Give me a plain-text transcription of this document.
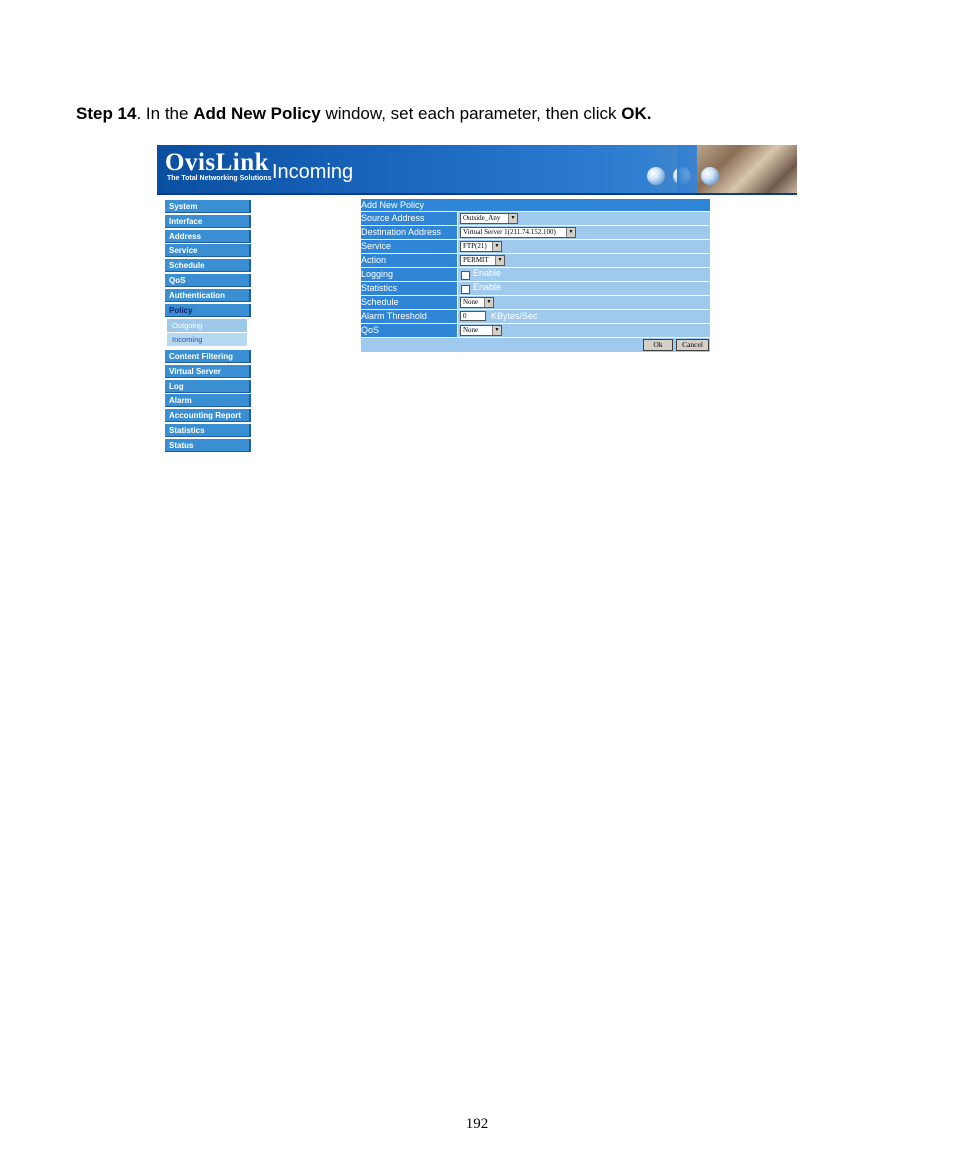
Step 14. In the Add New Policy window, set each parameter, then click OK.
OvisLink
The Total Networking Solutions Incoming
System
Interface
Address
Service
Schedule
QoS
Authentication
Policy
Outgoing
Incoming
Content Filtering
Virtual Server
Log
Alarm
Accounting Report
Statistics
Status
Add New Policy
Source Address	Outside_Any	▼
Destination Address	Virtual Server 1(211.74.152.100)	▼
Service	FTP(21)	▼
Action	PERMIT	▼
Logging	Enable
Statistics	Enable
Schedule	None	▼
Alarm Threshold	0	KBytes/Sec
QoS	None	▼
Ok	Cancel
192
